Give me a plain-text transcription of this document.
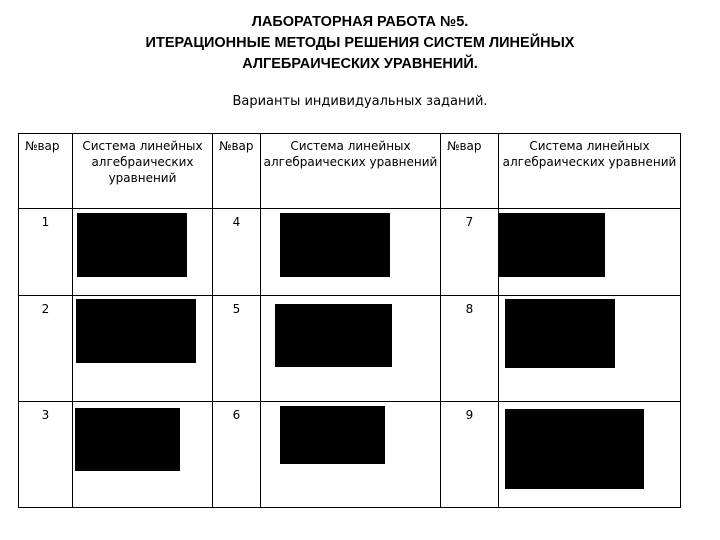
ЛАБОРАТОРНАЯ РАБОТА №5.
ИТЕРАЦИОННЫЕ МЕТОДЫ РЕШЕНИЯ СИСТЕМ ЛИНЕЙНЫХ
АЛГЕБРАИЧЕСКИХ УРАВНЕНИЙ.
Варианты индивидуальных заданий.
№вар	Система линейных алгебраических уравнений	№вар	Система линейных алгебраических уравнений	№вар	Система линейных алгебраических уравнений
1		4		7	

2		5		8	

3		6		9	
